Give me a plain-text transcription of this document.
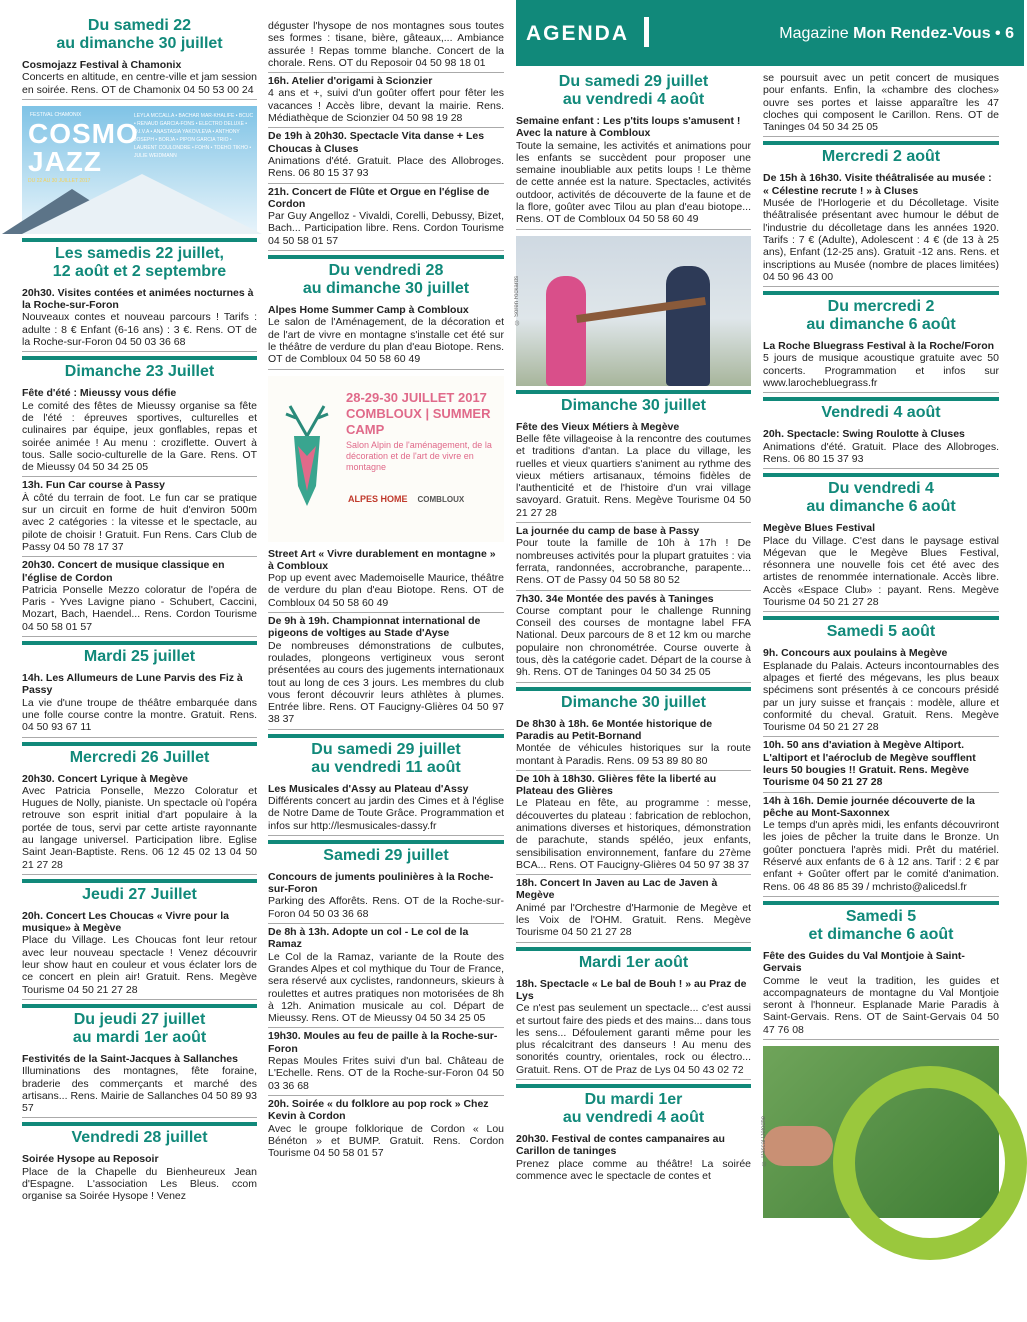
AGENDA	Magazine Mon Rendez-Vous • 6
Du samedi 22
au dimanche 30 juillet
Cosmojazz Festival à Chamonix
Concerts en altitude, en centre-ville et jam session en soirée. Rens. OT de Chamonix 04 50 53 00 24
FESTIVAL CHAMONIX
COSMO
JAZZ
DU 22 AU 30 JUILLET 2017
LEYLA MCCALLA • BACHAR MAR-KHALIFE • BCUC • RENAUD GARCIA-FONS • ELECTRO DELUXE • D.I.V.A • ANASTASIA YAKOVLEVA • ANTHONY JOSEPH • BORJA • PIPON GARCIA TRIO • LAURENT COULONDRE • FOHN • TOEHO TIKHO • JULIE WEIDMANN
Les samedis 22 juillet,
12 août et 2 septembre
20h30. Visites contées et animées nocturnes à la Roche-sur-Foron
Nouveaux contes et nouveau parcours ! Tarifs : adulte : 8 € Enfant (6-16 ans) : 3 €. Rens. OT de la Roche-sur-Foron 04 50 03 36 68
Dimanche 23 Juillet
Fête d'été : Mieussy vous défie
Le comité des fêtes de Mieussy organise sa fête de l'été : épreuves sportives, culturelles et culinaires par équipe, jeux gonflables, repas et soirée animée ! Au menu : croziflette. Ouvert à tous. Salle socio-culturelle de la Gare. Rens. OT de Mieussy 04 50 34 25 05
13h. Fun Car course à Passy
À côté du terrain de foot. Le fun car se pratique sur un circuit en forme de huit d'environ 500m avec 2 catégories : la vitesse et le spectacle, au pilote de choisir ! Gratuit. Fun Rens. Cars Club de Passy 04 50 78 17 37
20h30. Concert de musique classique en l'église de Cordon
Patricia Ponselle Mezzo coloratur de l'opéra de Paris - Yves Lavigne piano - Schubert, Caccini, Mozart, Bach, Haendel... Rens. Cordon Tourisme 04 50 58 01 57
Mardi 25 juillet
14h. Les Allumeurs de Lune Parvis des Fiz à Passy
La vie d'une troupe de théâtre embarquée dans une folle course contre la montre. Gratuit. Rens. 04 50 93 67 11
Mercredi 26 Juillet
20h30. Concert Lyrique à Megève
Avec Patricia Ponselle, Mezzo Coloratur et Hugues de Nolly, pianiste. Un spectacle où l'opéra retrouve son esprit initial d'art populaire à la portée de tous, servi par cette artiste rayonnante au langage universel. Participation libre. Eglise Saint Jean-Baptiste. Rens. 06 12 45 02 13 04 50 21 27 28
Jeudi 27 Juillet
20h. Concert Les Choucas « Vivre pour la musique» à Megève
Place du Village. Les Choucas font leur retour avec leur nouveau spectacle ! Venez découvrir leur show haut en couleur et vous éclater lors de ce concert en plein air! Gratuit. Rens. Megève Tourisme 04 50 21 27 28
Du jeudi 27 juillet
au mardi 1er août
Festivités de la Saint-Jacques à Sallanches
Illuminations des montagnes, fête foraine, braderie des commerçants et marché des artisans... Rens. Mairie de Sallanches 04 50 89 93 57
Vendredi 28 juillet
Soirée Hysope au Reposoir
Place de la Chapelle du Bienheureux Jean d'Espagne. L'association Les Bleus. ccom organise sa Soirée Hysope ! Venez
déguster l'hysope de nos montagnes sous toutes ses formes : tisane, bière, gâteaux,... Ambiance assurée ! Repas tomme blanche. Concert de la chorale. Rens. OT du Reposoir 04 50 98 18 01
16h. Atelier d'origami à Scionzier
4 ans et +, suivi d'un goûter offert pour fêter les vacances ! Accès libre, devant la mairie. Rens. Médiathèque de Scionzier 04 50 98 19 28
De 19h à 20h30. Spectacle Vita danse + Les Choucas à Cluses
Animations d'été. Gratuit. Place des Allobroges. Rens. 06 80 15 37 93
21h. Concert de Flûte et Orgue en l'église de Cordon
Par Guy Angelloz - Vivaldi, Corelli, Debussy, Bizet, Bach... Participation libre. Rens. Cordon Tourisme 04 50 58 01 57
Du vendredi 28
au dimanche 30 juillet
Alpes Home Summer Camp à Combloux
Le salon de l'Aménagement, de la décoration et de l'art de vivre en montagne s'installe cet été sur le théâtre de verdure du plan d'eau Biotope. Rens. OT de Combloux 04 50 58 60 49
28-29-30 JUILLET 2017
COMBLOUX | SUMMER
CAMP
Salon Alpin de l'aménagement, de la décoration et de l'art de vivre en montagne
ALPES HOME COMBLOUX
Street Art « Vivre durablement en montagne » à Combloux
Pop up event avec Mademoiselle Maurice, théâtre de verdure du plan d'eau Biotope. Rens. OT de Combloux 04 50 58 60 49
De 9h à 19h. Championnat international de pigeons de voltiges au Stade d'Ayse
De nombreuses démonstrations de culbutes, roulades, plongeons vertigineux vous seront présentées au cours des jugements internationaux tout au long de ces 3 jours. Les membres du club vous feront découvrir leurs athlètes à plumes. Entrée libre. Rens. OT Faucigny-Glières 04 50 97 38 37
Du samedi 29 juillet
au vendredi 11 août
Les Musicales d'Assy au Plateau d'Assy
Différents concert au jardin des Cimes et à l'église de Notre Dame de Toute Grâce. Programmation et infos sur http://lesmusicales-dassy.fr
Samedi 29 juillet
Concours de juments poulinières à la Roche-sur-Foron
Parking des Afforêts. Rens. OT de la Roche-sur-Foron 04 50 03 36 68
De 8h à 13h. Adopte un col - Le col de la Ramaz
Le Col de la Ramaz, variante de la Route des Grandes Alpes et col mythique du Tour de France, sera réservé aux cyclistes, randonneurs, skieurs à roulettes et autres pratiques non motorisées de 8h à 12h. Animation musicale au col. Départ de Mieussy. Rens. OT de Mieussy 04 50 34 25 05
19h30. Moules au feu de paille à la Roche-sur-Foron
Repas Moules Frites suivi d'un bal. Château de L'Echelle. Rens. OT de la Roche-sur-Foron 04 50 03 36 68
20h. Soirée « du folklore au pop rock » Chez Kevin à Cordon
Avec le groupe folklorique de Cordon « Lou Bénéton » et BUMP. Gratuit. Rens. Cordon Tourisme 04 50 58 01 57
Du samedi 29 juillet
au vendredi 4 août
Semaine enfant : Les p'tits loups s'amusent ! Avec la nature à Combloux
Toute la semaine, les activités et animations pour les enfants se succèdent pour proposer une semaine inoubliable aux petits loups ! Le thème de cette année est la nature. Spectacles, activités outdoor, activités de découverte de la faune et de la flore, goûter avec Tilou au plan d'eau biotope... Rens. OT de Combloux 04 50 58 60 49
© Soren Rickards
Dimanche 30 juillet
Fête des Vieux Métiers à Megève
Belle fête villageoise à la rencontre des coutumes et traditions d'antan. La place du village, les ruelles et vieux quartiers s'animent au rythme des vieux métiers artisanaux, témoins fidèles de l'authenticité et de l'histoire d'un vrai village savoyard. Gratuit. Rens. Megève Tourisme 04 50 21 27 28
La journée du camp de base à Passy
Pour toute la famille de 10h à 17h ! De nombreuses activités pour la plupart gratuites : via ferrata, randonnées, accrobranche, parapente... Rens. OT de Passy 04 50 58 80 52
7h30. 34e Montée des pavés à Taninges
Course comptant pour le challenge Running Conseil des courses de montagne label FFA National. Deux parcours de 8 et 12 km ou marche populaire non chronométrée. Course ouverte à tous, dès la catégorie cadet. Départ de la course à 9h. Rens. OT de Taninges 04 50 34 25 05
Dimanche 30 juillet
De 8h30 à 18h. 6e Montée historique de Paradis au Petit-Bornand
Montée de véhicules historiques sur la route montant à Paradis. Rens. 09 53 89 80 80
De 10h à 18h30. Glières fête la liberté au Plateau des Glières
Le Plateau en fête, au programme : messe, découvertes du plateau : fabrication de reblochon, animations diverses et historiques, démonstration de parachute, stands spéléo, jeux enfants, sensibilisation environnement, fanfare du 27ème BCA... Rens. OT Faucigny-Glières 04 50 97 38 37
18h. Concert In Javen au Lac de Javen à Megève
Animé par l'Orchestre d'Harmonie de Megève et les Voix de l'OHM. Gratuit. Rens. Megève Tourisme 04 50 21 27 28
Mardi 1er août
18h. Spectacle « Le bal de Bouh ! » au Praz de Lys
Ce n'est pas seulement un spectacle... c'est aussi et surtout faire des pieds et des mains... dans tous les sens... Défoulement garanti même pour les plus récalcitrant des danseurs ! Au menu des sonorités country, orientales, rock ou électro... Gratuit. Rens. OT de Praz de Lys 04 50 43 02 72
Du mardi 1er
au vendredi 4 août
20h30. Festival de contes campanaires au Carillon de taninges
Prenez place comme au théâtre! La soirée commence avec le spectacle de contes et
se poursuit avec un petit concert de musiques pour enfants. Enfin, la «chambre des cloches» ouvre ses portes et laisse apparaître les 47 cloches qui composent le Carillon. Rens. OT de Taninges 04 50 34 25 05
Mercredi 2 août
De 15h à 16h30. Visite théâtralisée au musée : « Célestine recrute ! » à Cluses
Musée de l'Horlogerie et du Décolletage. Visite théâtralisée présentant avec humour le début de l'industrie du décolletage dans les années 1920. Tarifs : 7 € (Adulte), Adolescent : 4 € (de 13 à 25 ans), Enfant (12-25 ans). Gratuit -12 ans. Rens. et inscriptions au Musée (nombre de places limitées) 04 50 96 43 00
Du mercredi 2
au dimanche 6 août
La Roche Bluegrass Festival à la Roche/Foron
5 jours de musique acoustique gratuite avec 50 concerts. Programmation et infos sur www.larochebluegrass.fr
Vendredi 4 août
20h. Spectacle: Swing Roulotte à Cluses
Animations d'été. Gratuit. Place des Allobroges. Rens. 06 80 15 37 93
Du vendredi 4
au dimanche 6 août
Megève Blues Festival
Place du Village. C'est dans le paysage estival Mégevan que le Megève Blues Festival, résonnera une nouvelle fois cet été avec des artistes de renommée internationale. Accès libre. Accès «Espace Club» : payant. Rens. Megève Tourisme 04 50 21 27 28
Samedi 5 août
9h. Concours aux poulains à Megève
Esplanade du Palais. Acteurs incontournables des alpages et fierté des mégevans, les plus beaux spécimens sont présentés à ce concours présidé par un jury suisse et français : modèle, allure et conformité du cheval. Gratuit. Rens. Megève Tourisme 04 50 21 27 28
10h. 50 ans d'aviation à Megève Altiport. L'altiport et l'aéroclub de Megève soufflent leurs 50 bougies !! Gratuit. Rens. Megève Tourisme 04 50 21 27 28
14h à 16h. Demie journée découverte de la pêche au Mont-Saxonnex
Le temps d'un après midi, les enfants découvriront les joies de pêcher la truite dans le Bronze. Un goûter ponctuera l'après midi. Prêt du matériel. Réservé aux enfants de 6 à 12 ans. Tarif : 2 € par enfant + Goûter offert par le comité d'animation. Rens. 06 48 86 85 39 / mchristo@alicedsl.fr
Samedi 5
et dimanche 6 août
Fête des Guides du Val Montjoie à Saint-Gervais
Comme le veut la tradition, les guides et accompagnateurs de montagne du Val Montjoie seront à l'honneur. Esplanade Marie Paradis à Saint-Gervais. Rens. OT de Saint-Gervais 04 50 47 76 08
© Pascal Deloche
